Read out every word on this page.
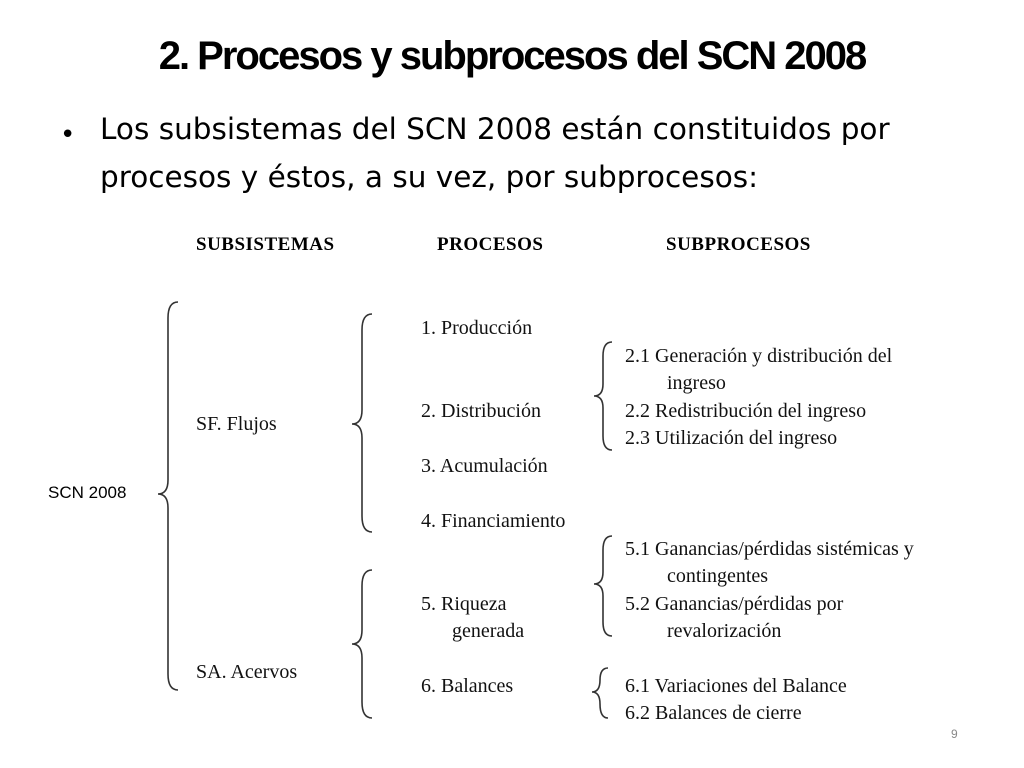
2. Procesos y subprocesos del SCN 2008
• Los subsistemas del SCN 2008 están constituidos por
procesos y éstos, a su vez, por subprocesos:
SUBSISTEMAS	PROCESOS	SUBPROCESOS
SCN 2008
SF. Flujos
SA. Acervos
1. Producción
2. Distribución
3. Acumulación
4. Financiamiento
5. Riqueza
generada
6. Balances
2.1 Generación y distribución del
ingreso
2.2 Redistribución del ingreso
2.3 Utilización del ingreso
5.1 Ganancias/pérdidas sistémicas y
contingentes
5.2 Ganancias/pérdidas por
revalorización
6.1 Variaciones del Balance
6.2 Balances de cierre
9
